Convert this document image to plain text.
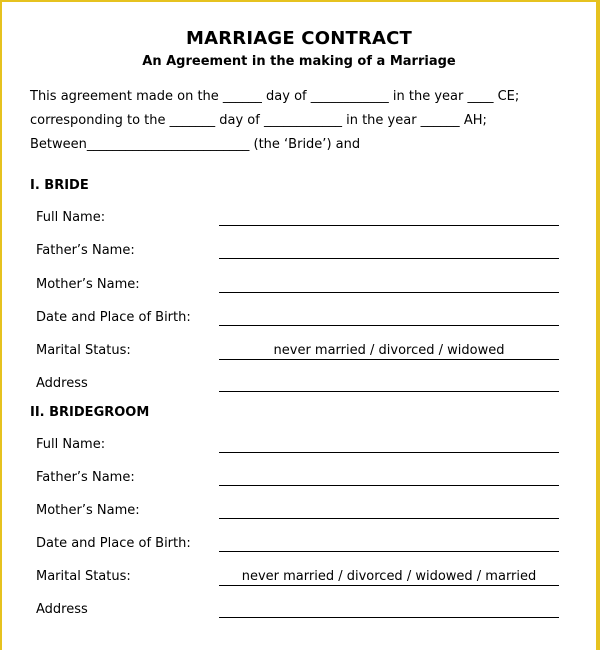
MARRIAGE CONTRACT
An Agreement in the making of a Marriage
This agreement made on the ______ day of ____________ in the year ____ CE;
corresponding to the _______ day of ____________ in the year ______ AH;
Between_________________________ (the ‘Bride’) and
I. BRIDE
Full Name:
Father’s Name:
Mother’s Name:
Date and Place of Birth:
Marital Status:	never married / divorced / widowed
Address
II. BRIDEGROOM
Full Name:
Father’s Name:
Mother’s Name:
Date and Place of Birth:
Marital Status:	never married / divorced / widowed / married
Address
